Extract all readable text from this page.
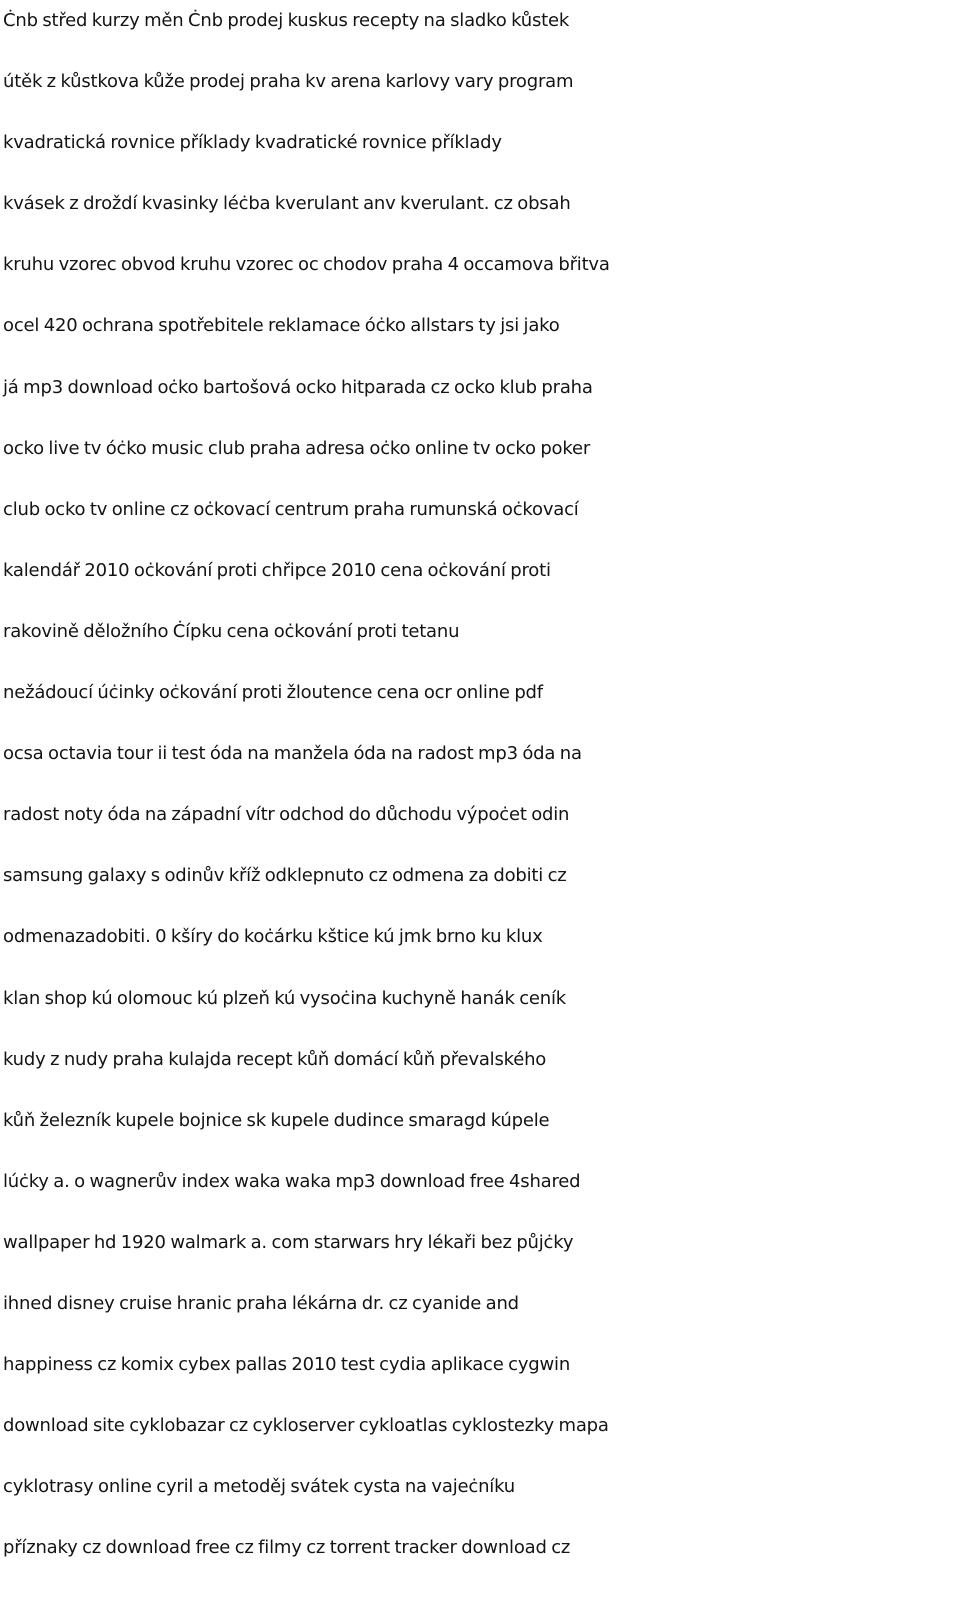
Ċnb střed kurzy měn Ċnb prodej kuskus recepty na sladko kůstek
útěk z kůstkova kůže prodej praha kv arena karlovy vary program
kvadratická rovnice příklady kvadratické rovnice příklady
kvásek z droždí kvasinky léċba kverulant anv kverulant. cz obsah
kruhu vzorec obvod kruhu vzorec oc chodov praha 4 occamova břitva
ocel 420 ochrana spotřebitele reklamace óċko allstars ty jsi jako
já mp3 download oċko bartošová ocko hitparada cz ocko klub praha
ocko live tv óċko music club praha adresa oċko online tv ocko poker
club ocko tv online cz oċkovací centrum praha rumunská oċkovací
kalendář 2010 oċkování proti chřipce 2010 cena oċkování proti
rakovině děložního Ċípku cena oċkování proti tetanu
nežádoucí úċinky oċkování proti žloutence cena ocr online pdf
ocsa octavia tour ii test óda na manžela óda na radost mp3 óda na
radost noty óda na západní vítr odchod do důchodu výpoċet odin
samsung galaxy s odinův kříž odklepnuto cz odmena za dobiti cz
odmenazadobiti. 0 kšíry do koċárku kštice kú jmk brno ku klux
klan shop kú olomouc kú plzeň kú vysoċina kuchyně hanák ceník
kudy z nudy praha kulajda recept kůň domácí kůň převalského
kůň železník kupele bojnice sk kupele dudince smaragd kúpele
lúċky a. o wagnerův index waka waka mp3 download free 4shared
wallpaper hd 1920 walmark a. com starwars hry lékaři bez půjċky
ihned disney cruise hranic praha lékárna dr. cz cyanide and
happiness cz komix cybex pallas 2010 test cydia aplikace cygwin
download site cyklobazar cz cykloserver cykloatlas cyklostezky mapa
cyklotrasy online cyril a metoděj svátek cysta na vajeċníku
příznaky cz download free cz filmy cz torrent tracker download cz
